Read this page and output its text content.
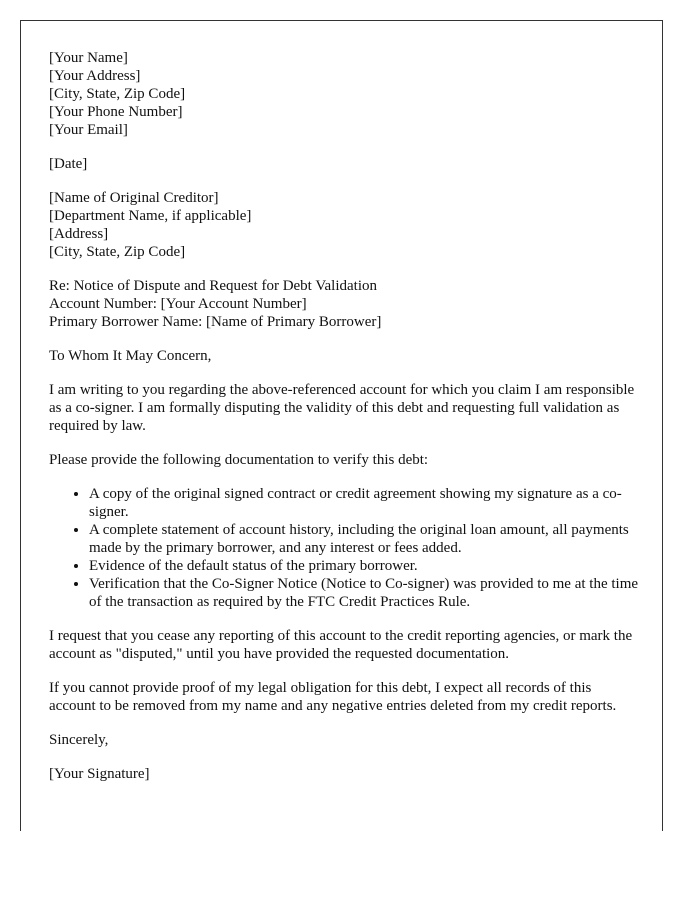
[Your Name]
[Your Address]
[City, State, Zip Code]
[Your Phone Number]
[Your Email]

[Date]

[Name of Original Creditor]
[Department Name, if applicable]
[Address]
[City, State, Zip Code]

Re: Notice of Dispute and Request for Debt Validation
Account Number: [Your Account Number]
Primary Borrower Name: [Name of Primary Borrower]

To Whom It May Concern,

I am writing to you regarding the above-referenced account for which you claim I am responsible as a co-signer. I am formally disputing the validity of this debt and requesting full validation as required by law.

Please provide the following documentation to verify this debt:

• A copy of the original signed contract or credit agreement showing my signature as a co-signer.
• A complete statement of account history, including the original loan amount, all payments made by the primary borrower, and any interest or fees added.
• Evidence of the default status of the primary borrower.
• Verification that the Co-Signer Notice (Notice to Co-signer) was provided to me at the time of the transaction as required by the FTC Credit Practices Rule.

I request that you cease any reporting of this account to the credit reporting agencies, or mark the account as "disputed," until you have provided the requested documentation.

If you cannot provide proof of my legal obligation for this debt, I expect all records of this account to be removed from my name and any negative entries deleted from my credit reports.

Sincerely,

[Your Signature]
